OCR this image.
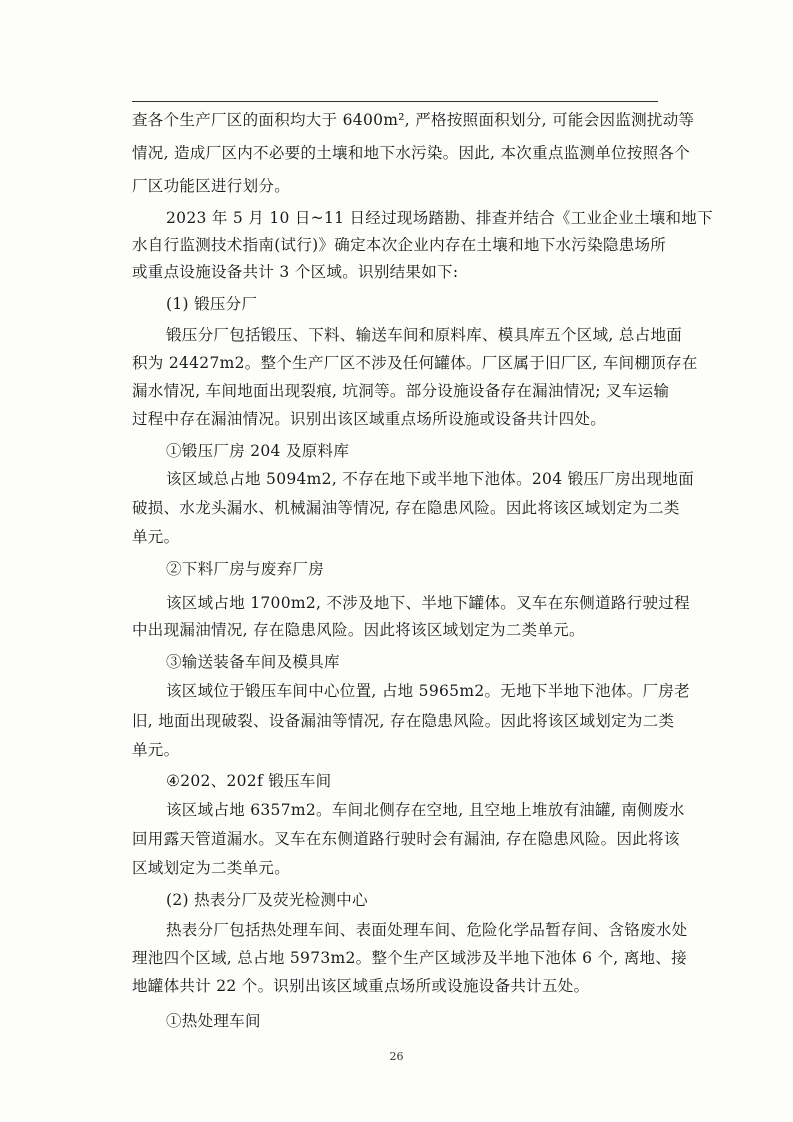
查各个生产厂区的面积均大于 6400m², 严格按照面积划分, 可能会因监测扰动等
情况, 造成厂区内不必要的土壤和地下水污染。因此, 本次重点监测单位按照各个
厂区功能区进行划分。
2023 年 5 月 10 日~11 日经过现场踏勘、排查并结合《工业企业土壤和地下
水自行监测技术指南(试行)》确定本次企业内存在土壤和地下水污染隐患场所
或重点设施设备共计 3 个区域。识别结果如下:
(1) 锻压分厂
锻压分厂包括锻压、下料、输送车间和原料库、模具库五个区域, 总占地面
积为 24427m2。整个生产厂区不涉及任何罐体。厂区属于旧厂区, 车间棚顶存在
漏水情况, 车间地面出现裂痕, 坑洞等。部分设施设备存在漏油情况; 叉车运输
过程中存在漏油情况。识别出该区域重点场所设施或设备共计四处。
①锻压厂房 204 及原料库
该区域总占地 5094m2, 不存在地下或半地下池体。204 锻压厂房出现地面
破损、水龙头漏水、机械漏油等情况, 存在隐患风险。因此将该区域划定为二类
单元。
②下料厂房与废弃厂房
该区域占地 1700m2, 不涉及地下、半地下罐体。叉车在东侧道路行驶过程
中出现漏油情况, 存在隐患风险。因此将该区域划定为二类单元。
③输送装备车间及模具库
该区域位于锻压车间中心位置, 占地 5965m2。无地下半地下池体。厂房老
旧, 地面出现破裂、设备漏油等情况, 存在隐患风险。因此将该区域划定为二类
单元。
④202、202f 锻压车间
该区域占地 6357m2。车间北侧存在空地, 且空地上堆放有油罐, 南侧废水
回用露天管道漏水。叉车在东侧道路行驶时会有漏油, 存在隐患风险。因此将该
区域划定为二类单元。
(2) 热表分厂及荧光检测中心
热表分厂包括热处理车间、表面处理车间、危险化学品暂存间、含铬废水处
理池四个区域, 总占地 5973m2。整个生产区域涉及半地下池体 6 个, 离地、接
地罐体共计 22 个。识别出该区域重点场所或设施设备共计五处。
①热处理车间
26
